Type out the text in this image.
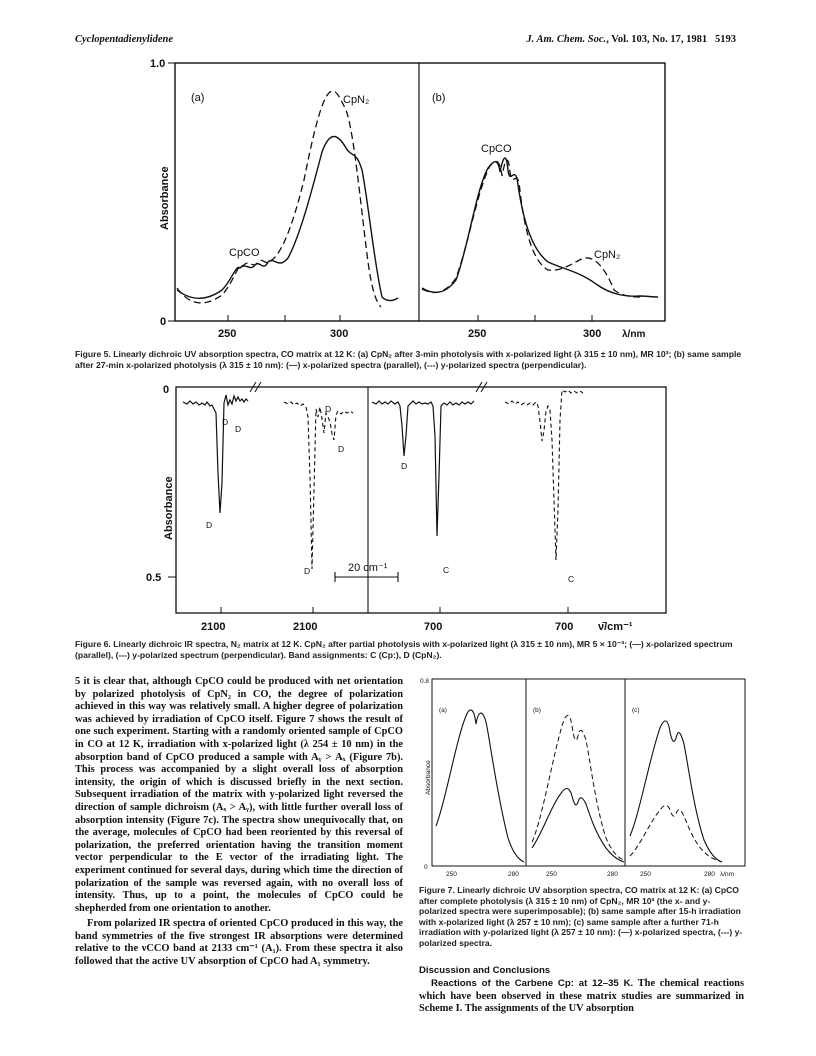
Cyclopentadienylidene	J. Am. Chem. Soc., Vol. 103, No. 17, 1981 5193
1.0
0
Absorbance
(a)	(b)
CpN₂
CpCO
CpCO
CpN₂
250	300	250	300 λ/nm
0
0.5
Absorbance
20 cm⁻¹
2100	2100	700	700 ν̄/cm⁻¹
D
D
D
D
D
D	C
D
C
0.8
0
Absorbance
(a)	(b)	(c)
250	280	250	280	250	280 λ/nm
Figure 5. Linearly dichroic UV absorption spectra, CO matrix at 12 K: (a) CpN₂ after 3-min photolysis with x-polarized light (λ 315 ± 10 nm), MR 10³; (b) same sample after 27-min x-polarized photolysis (λ 315 ± 10 nm): (—) x-polarized spectra (parallel), (---) y-polarized spectra (perpendicular).
Figure 6. Linearly dichroic IR spectra, N₂ matrix at 12 K. CpN₂ after partial photolysis with x-polarized light (λ 315 ± 10 nm), MR 5 × 10⁻³; (—) x-polarized spectrum (parallel), (---) y-polarized spectrum (perpendicular). Band assignments: C (Cp:), D (CpN₂).
Figure 7. Linearly dichroic UV absorption spectra, CO matrix at 12 K: (a) CpCO after complete photolysis (λ 315 ± 10 nm) of CpN₂, MR 10³ (the x- and y-polarized spectra were superimposable); (b) same sample after 15-h irradiation with x-polarized light (λ 257 ± 10 nm); (c) same sample after a further 71-h irradiation with y-polarized light (λ 257 ± 10 nm): (—) x-polarized spectra, (---) y-polarized spectra.

5 it is clear that, although CpCO could be produced with net orientation by polarized photolysis of CpN₂ in CO, the degree of polarization achieved in this way was relatively small. A higher degree of polarization was achieved by irradiation of CpCO itself. Figure 7 shows the result of one such experiment. Starting with a randomly oriented sample of CpCO in CO at 12 K, irradiation with x-polarized light (λ 254 ± 10 nm) in the absorption band of CpCO produced a sample with Aᵧ > Aₓ (Figure 7b). This process was accompanied by a slight overall loss of absorption intensity, the origin of which is discussed briefly in the next section. Subsequent irradiation of the matrix with y-polarized light reversed the direction of sample dichroism (Aₓ > Aᵧ), with little further overall loss of absorption intensity (Figure 7c). The spectra show unequivocally that, on the average, molecules of CpCO had been reoriented by this reversal of polarization, the preferred orientation having the transition moment vector perpendicular to the E vector of the irradiating light. The experiment continued for several days, during which time the direction of polarization of the sample was reversed again, with no overall loss of intensity. Thus, up to a point, the molecules of CpCO could be shepherded from one orientation to another.

From polarized IR spectra of oriented CpCO produced in this way, the band symmetries of the five strongest IR absorptions were determined relative to the νCCO band at 2133 cm⁻¹ (A₁). From these spectra it also followed that the active UV absorption of CpCO had A₁ symmetry.

Discussion and Conclusions
Reactions of the Carbene Cp: at 12–35 K. The chemical reactions which have been observed in these matrix studies are summarized in Scheme I. The assignments of the UV absorption
